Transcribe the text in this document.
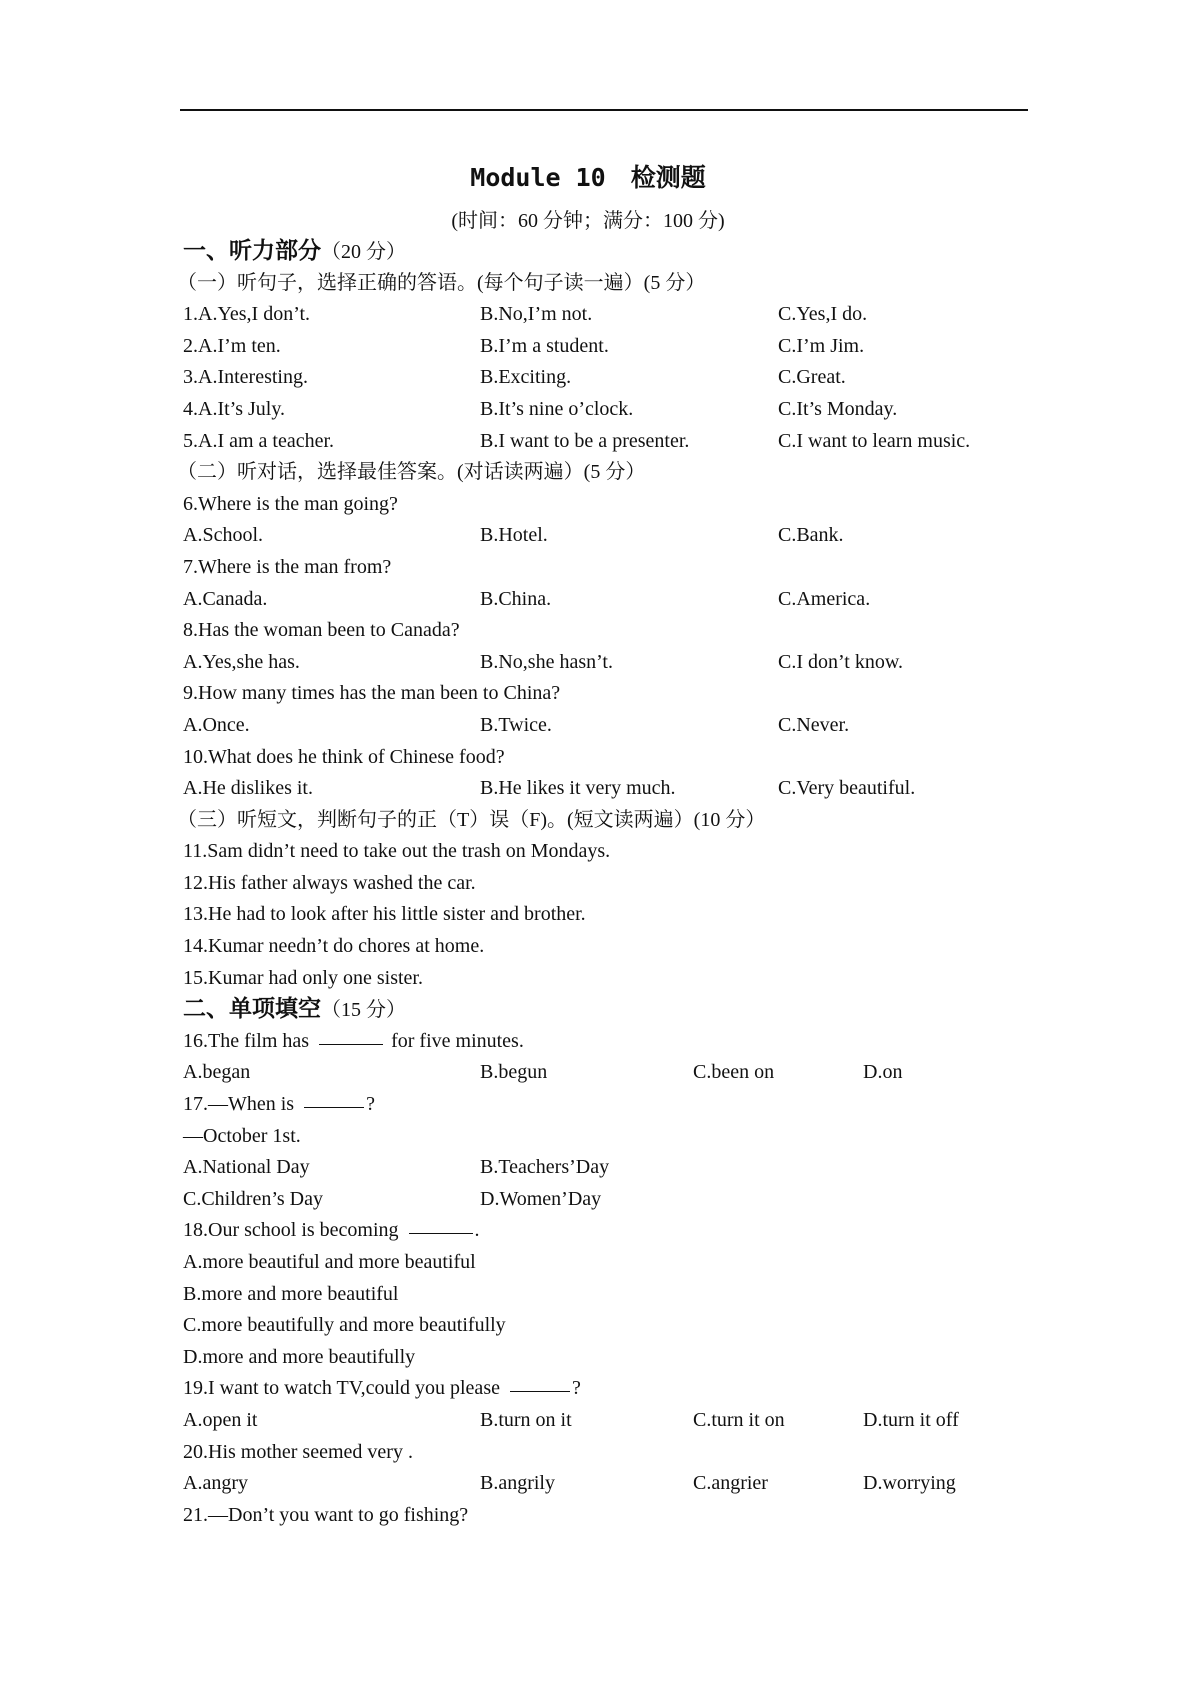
Module 10　检测题
(时间：60 分钟；满分：100 分)
一、听力部分（20 分）
（一）听句子，选择正确的答语。(每个句子读一遍）(5 分）
1.A.Yes,I don’t.	B.No,I’m not.	C.Yes,I do.
2.A.I’m ten.	B.I’m a student.	C.I’m Jim.
3.A.Interesting.	B.Exciting.	C.Great.
4.A.It’s July.	B.It’s nine o’clock.	C.It’s Monday.
5.A.I am a teacher.	B.I want to be a presenter.	C.I want to learn music.
（二）听对话，选择最佳答案。(对话读两遍）(5 分）
6.Where is the man going?
A.School.	B.Hotel.	C.Bank.
7.Where is the man from?
A.Canada.	B.China.	C.America.
8.Has the woman been to Canada?
A.Yes,she has.	B.No,she hasn’t.	C.I don’t know.
9.How many times has the man been to China?
A.Once.	B.Twice.	C.Never.
10.What does he think of Chinese food?
A.He dislikes it.	B.He likes it very much.	C.Very beautiful.
（三）听短文，判断句子的正（T）误（F)。(短文读两遍）(10 分）
11.Sam didn’t need to take out the trash on Mondays.
12.His father always washed the car.
13.He had to look after his little sister and brother.
14.Kumar needn’t do chores at home.
15.Kumar had only one sister.
二、单项填空（15 分）
16.The film has	for five minutes.
A.began	B.begun	C.been on	D.on
17.—When is	?
—October 1st.
A.National Day	B.Teachers’Day
C.Children’s Day	D.Women’Day
18.Our school is becoming	.
A.more beautiful and more beautiful
B.more and more beautiful
C.more beautifully and more beautifully
D.more and more beautifully
19.I want to watch TV,could you please	?
A.open it	B.turn on it	C.turn it on	D.turn it off
20.His mother seemed very .
A.angry	B.angrily	C.angrier	D.worrying
21.—Don’t you want to go fishing?
